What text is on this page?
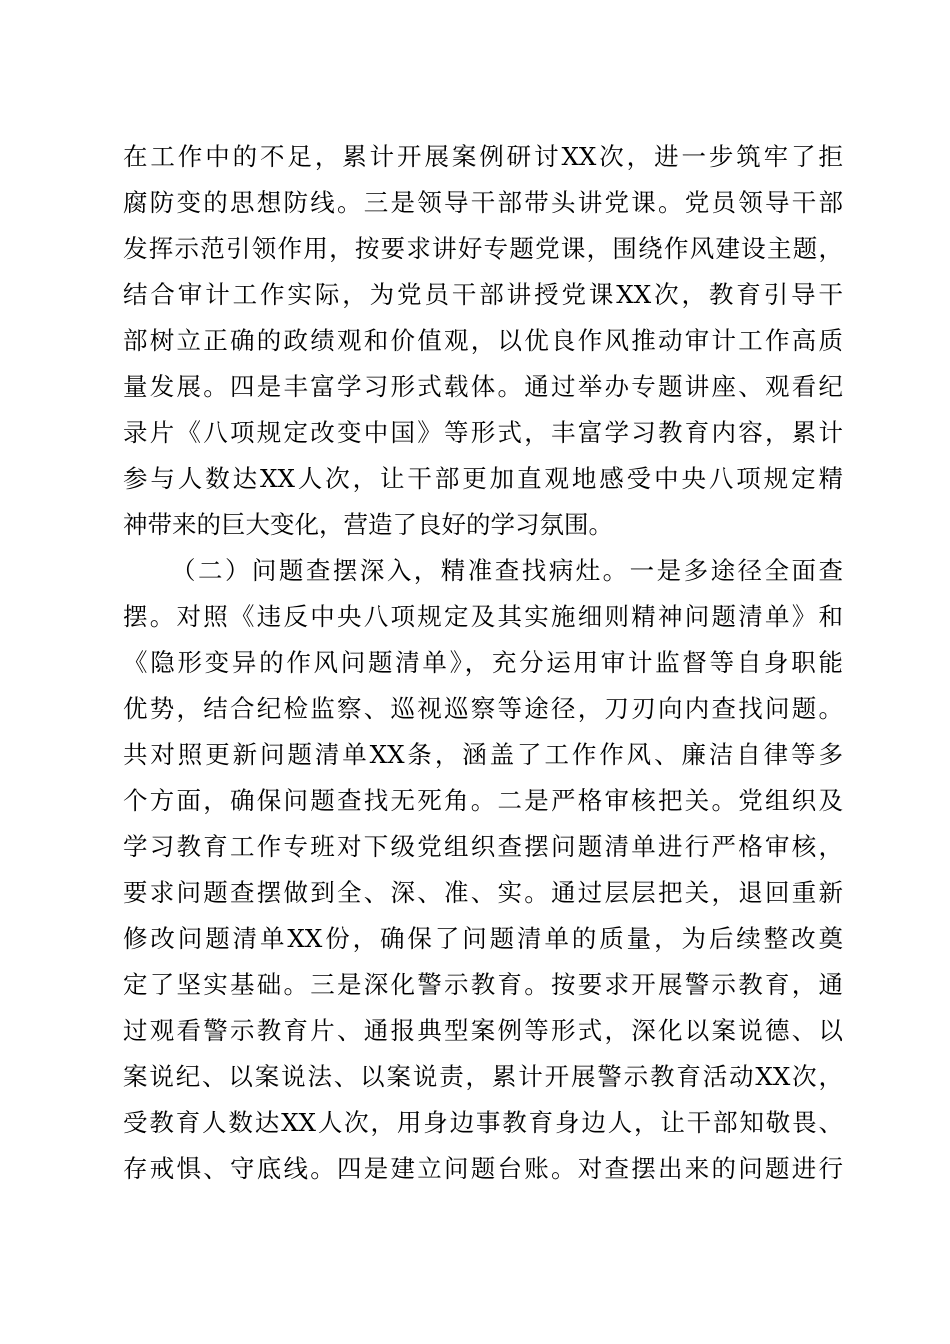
在工作中的不足，累计开展案例研讨XX次，进一步筑牢了拒
腐防变的思想防线。三是领导干部带头讲党课。党员领导干部
发挥示范引领作用，按要求讲好专题党课，围绕作风建设主题，
结合审计工作实际，为党员干部讲授党课XX次，教育引导干
部树立正确的政绩观和价值观，以优良作风推动审计工作高质
量发展。四是丰富学习形式载体。通过举办专题讲座、观看纪
录片《八项规定改变中国》等形式，丰富学习教育内容，累计
参与人数达XX人次，让干部更加直观地感受中央八项规定精
神带来的巨大变化，营造了良好的学习氛围。
（二）问题查摆深入，精准查找病灶。一是多途径全面查
摆。对照《违反中央八项规定及其实施细则精神问题清单》和
《隐形变异的作风问题清单》，充分运用审计监督等自身职能
优势，结合纪检监察、巡视巡察等途径，刀刃向内查找问题。
共对照更新问题清单XX条，涵盖了工作作风、廉洁自律等多
个方面，确保问题查找无死角。二是严格审核把关。党组织及
学习教育工作专班对下级党组织查摆问题清单进行严格审核，
要求问题查摆做到全、深、准、实。通过层层把关，退回重新
修改问题清单XX份，确保了问题清单的质量，为后续整改奠
定了坚实基础。三是深化警示教育。按要求开展警示教育，通
过观看警示教育片、通报典型案例等形式，深化以案说德、以
案说纪、以案说法、以案说责，累计开展警示教育活动XX次，
受教育人数达XX人次，用身边事教育身边人，让干部知敬畏、
存戒惧、守底线。四是建立问题台账。对查摆出来的问题进行
